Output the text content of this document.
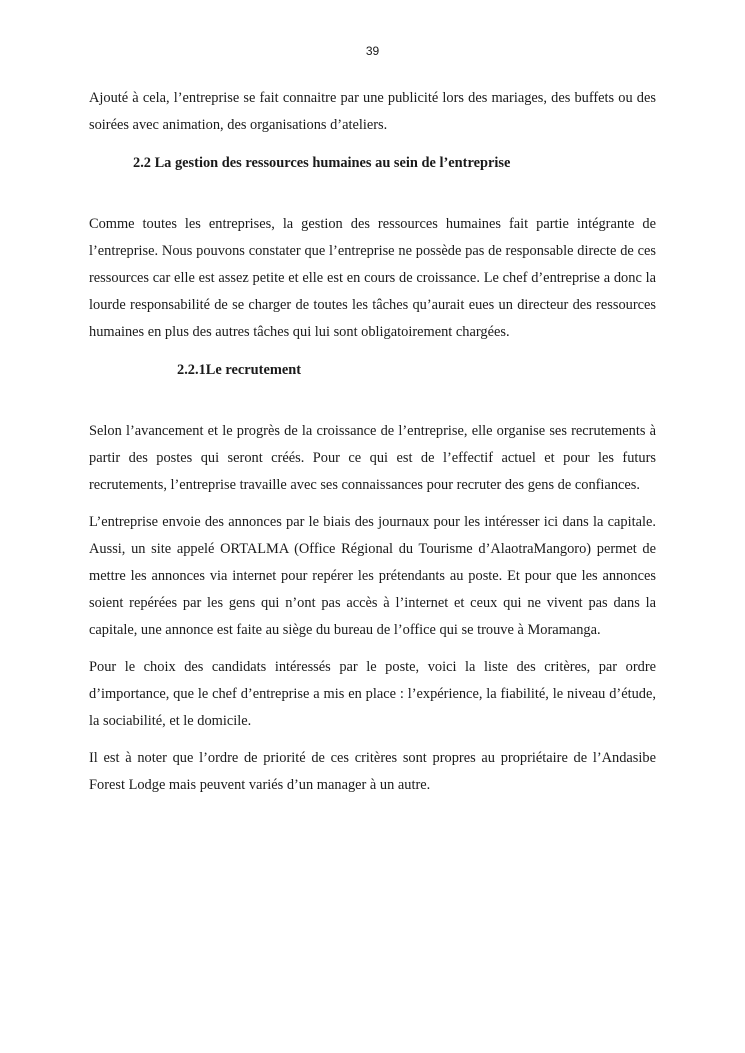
39

Ajouté à cela, l’entreprise se fait connaitre par une publicité lors des mariages, des buffets ou des soirées avec animation, des organisations d’ateliers.

2.2 La gestion des ressources humaines au sein de l’entreprise

Comme toutes les entreprises, la gestion des ressources humaines fait partie intégrante de l’entreprise. Nous pouvons constater que l’entreprise ne possède pas de responsable directe de ces ressources car elle est assez petite et elle est en cours de croissance. Le chef d’entreprise a donc la lourde responsabilité de se charger de toutes les tâches qu’aurait eues un directeur des ressources humaines en plus des autres tâches qui lui sont obligatoirement chargées.

2.2.1Le recrutement

Selon l’avancement et le progrès de la croissance de l’entreprise, elle organise ses recrutements à partir des postes qui seront créés. Pour ce qui est de l’effectif actuel et pour les futurs recrutements, l’entreprise travaille avec ses connaissances pour recruter des gens de confiances.

L’entreprise envoie des annonces par le biais des journaux pour les intéresser ici dans la capitale. Aussi, un site appelé ORTALMA (Office Régional du Tourisme d’AlaotraMangoro) permet de mettre les annonces via internet pour repérer les prétendants au poste. Et pour que les annonces soient repérées par les gens qui n’ont pas accès à l’internet et ceux qui ne vivent pas dans la capitale, une annonce est faite au siège du bureau de l’office qui se trouve à Moramanga.

Pour le choix des candidats intéressés par le poste, voici la liste des critères, par ordre d’importance, que le chef d’entreprise a mis en place : l’expérience, la fiabilité, le niveau d’étude, la sociabilité, et le domicile.

Il est à noter que l’ordre de priorité de ces critères sont propres au propriétaire de l’Andasibe Forest Lodge mais peuvent variés d’un manager à un autre.
